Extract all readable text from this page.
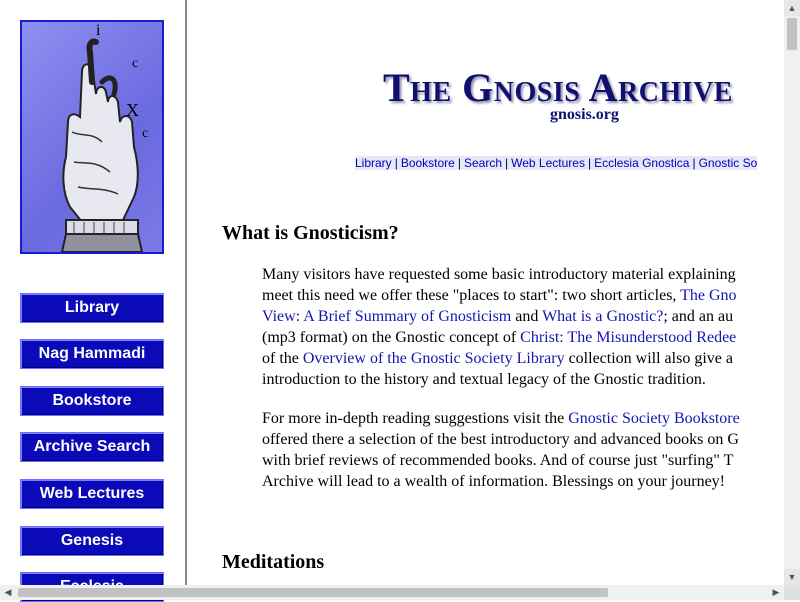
i
c
X
c
Library
Nag Hammadi
Bookstore
Archive Search
Web Lectures
Genesis
The Gnosis Archive
gnosis.org
Library | Bookstore | Search | Web Lectures | Ecclesia Gnostica | Gnostic So
What is Gnosticism?
Many visitors have requested some basic introductory material explaining
meet this need we offer these "places to start": two short articles, The Gno
View: A Brief Summary of Gnosticism and What is a Gnostic?; and an au
(mp3 format) on the Gnostic concept of Christ: The Misunderstood Redee
of the Overview of the Gnostic Society Library collection will also give a
introduction to the history and textual legacy of the Gnostic tradition.
For more in-depth reading suggestions visit the Gnostic Society Bookstore
offered there a selection of the best introductory and advanced books on G
with brief reviews of recommended books. And of course just "surfing" T
Archive will lead to a wealth of information. Blessings on your journey!
Meditations
▲
▼
◀	▶
